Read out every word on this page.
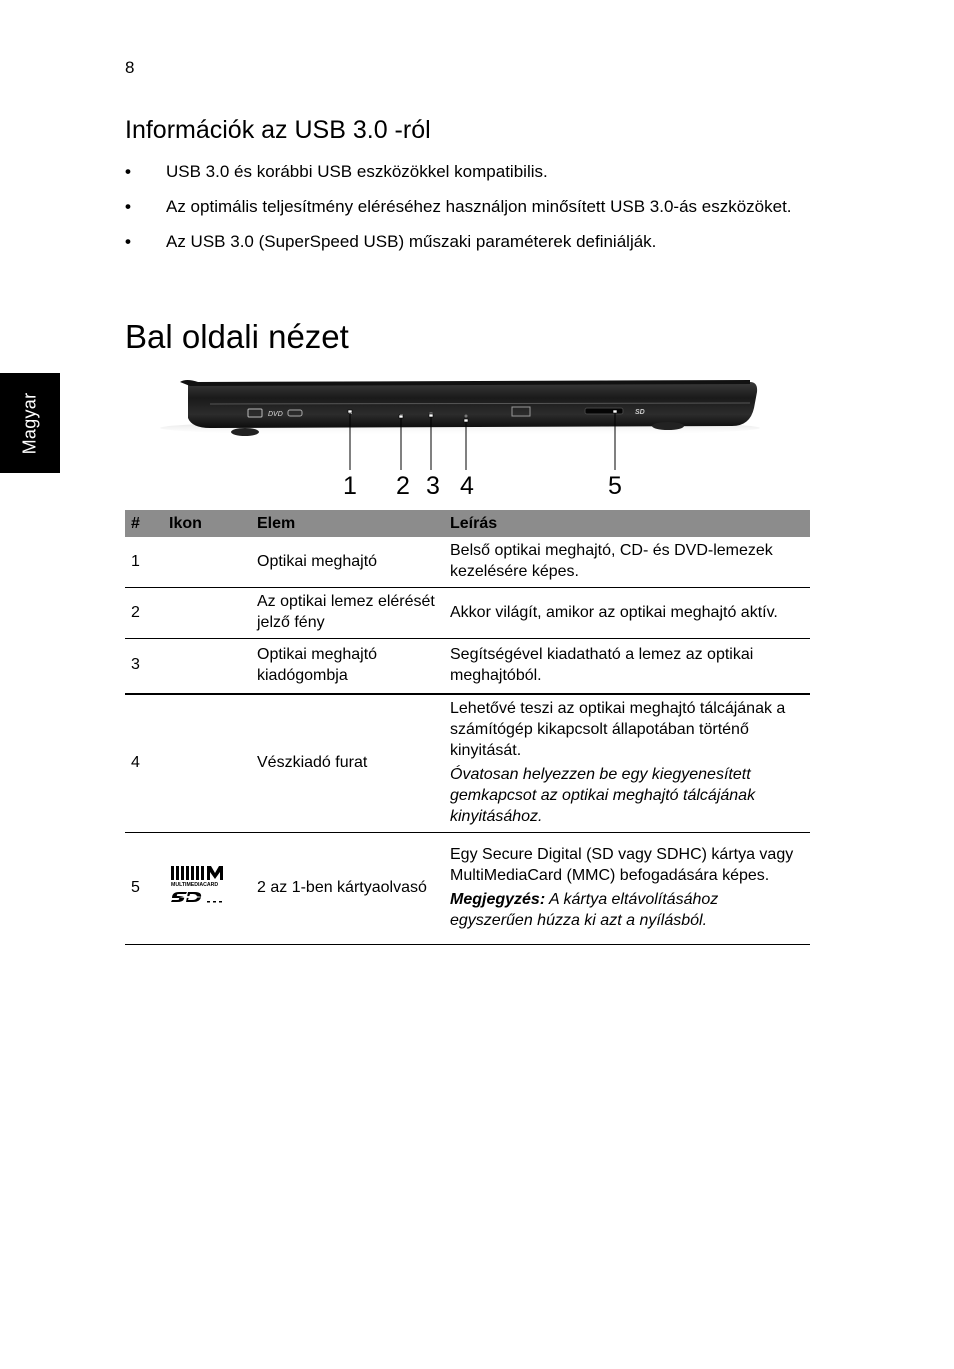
8
Magyar
Információk az USB 3.0 -ról
• USB 3.0 és korábbi USB eszközökkel kompatibilis.
• Az optimális teljesítmény eléréséhez használjon minősített USB 3.0-ás eszközöket.
• Az USB 3.0 (SuperSpeed USB) műszaki paraméterek definiálják.
Bal oldali nézet
DVD	SD
1 2 3 4	5
#	Ikon	Elem	Leírás
1		Optikai meghajtó	Belső optikai meghajtó, CD- és DVD-lemezek kezelésére képes.
2		Az optikai lemez elérését jelző fény	Akkor világít, amikor az optikai meghajtó aktív.
3		Optikai meghajtó kiadógombja	Segítségével kiadatható a lemez az optikai meghajtóból.
4		Vészkiadó furat	Lehetővé teszi az optikai meghajtó tálcájának a számítógép kikapcsolt állapotában történő kinyitását.
Óvatosan helyezzen be egy kiegyenesített gemkapcsot az optikai meghajtó tálcájának kinyitásához.

5	MULTIMEDIACARD	2 az 1-ben kártyaolvasó	Egy Secure Digital (SD vagy SDHC) kártya vagy MultiMediaCard (MMC) befogadására képes.
Megjegyzés: A kártya eltávolításához egyszerűen húzza ki azt a nyílásból.
